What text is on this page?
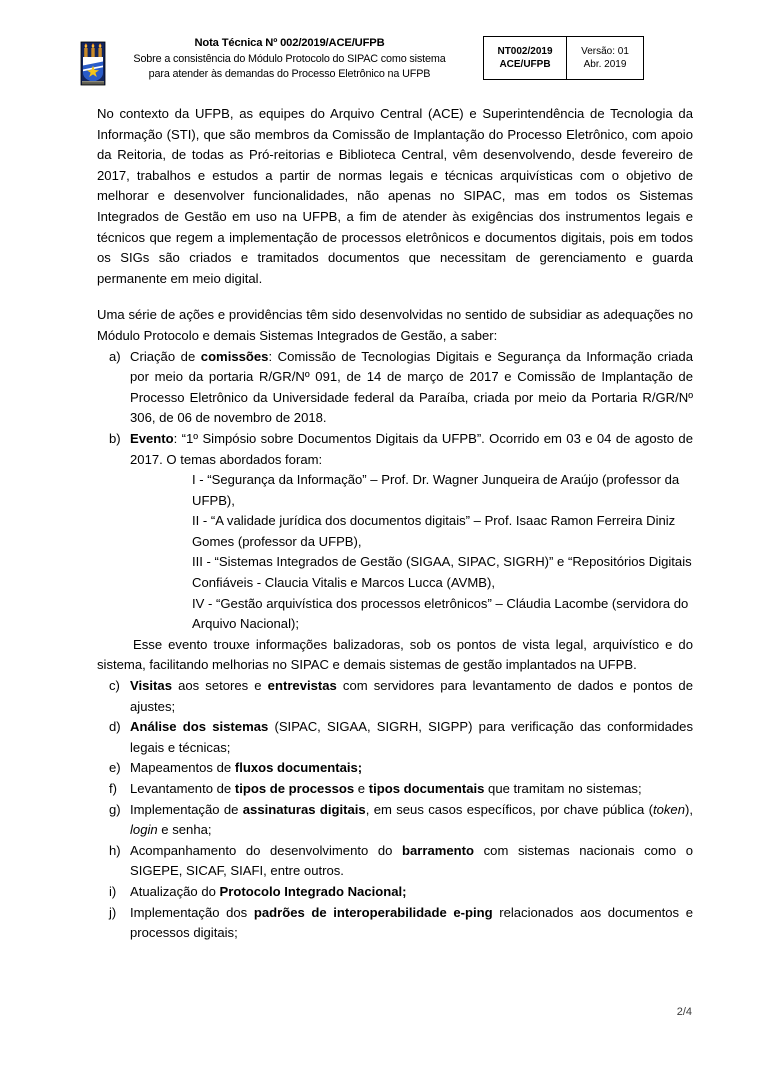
Nota Técnica Nº 002/2019/ACE/UFPB
Sobre a consistência do Módulo Protocolo do SIPAC como sistema
para atender às demandas do Processo Eletrônico na UFPB
NT002/2019
ACE/UFPB
Versão: 01
Abr. 2019

No contexto da UFPB, as equipes do Arquivo Central (ACE) e Superintendência de Tecnologia da Informação (STI), que são membros da Comissão de Implantação do Processo Eletrônico, com apoio da Reitoria, de todas as Pró-reitorias e Biblioteca Central, vêm desenvolvendo, desde fevereiro de 2017, trabalhos e estudos a partir de normas legais e técnicas arquivísticas com o objetivo de melhorar e desenvolver funcionalidades, não apenas no SIPAC, mas em todos os Sistemas Integrados de Gestão em uso na UFPB, a fim de atender às exigências dos instrumentos legais e técnicos que regem a implementação de processos eletrônicos e documentos digitais, pois em todos os SIGs são criados e tramitados documentos que necessitam de gerenciamento e guarda permanente em meio digital.

Uma série de ações e providências têm sido desenvolvidas no sentido de subsidiar as adequações no Módulo Protocolo e demais Sistemas Integrados de Gestão, a saber:

a) Criação de comissões: Comissão de Tecnologias Digitais e Segurança da Informação criada por meio da portaria R/GR/Nº 091, de 14 de março de 2017 e Comissão de Implantação de Processo Eletrônico da Universidade federal da Paraíba, criada por meio da Portaria R/GR/Nº 306, de 06 de novembro de 2018.
b) Evento: “1º Simpósio sobre Documentos Digitais da UFPB”. Ocorrido em 03 e 04 de agosto de 2017. O temas abordados foram:
I - “Segurança da Informação” – Prof. Dr. Wagner Junqueira de Araújo (professor da UFPB),
II - “A validade jurídica dos documentos digitais” – Prof. Isaac Ramon Ferreira Diniz Gomes (professor da UFPB),
III - “Sistemas Integrados de Gestão (SIGAA, SIPAC, SIGRH)” e “Repositórios Digitais Confiáveis - Claucia Vitalis e Marcos Lucca (AVMB),
IV - “Gestão arquivística dos processos eletrônicos” – Cláudia Lacombe (servidora do Arquivo Nacional);

Esse evento trouxe informações balizadoras, sob os pontos de vista legal, arquivístico e do sistema, facilitando melhorias no SIPAC e demais sistemas de gestão implantados na UFPB.

c) Visitas aos setores e entrevistas com servidores para levantamento de dados e pontos de ajustes;
d) Análise dos sistemas (SIPAC, SIGAA, SIGRH, SIGPP) para verificação das conformidades legais e técnicas;
e) Mapeamentos de fluxos documentais;
f) Levantamento de tipos de processos e tipos documentais que tramitam no sistemas;
g) Implementação de assinaturas digitais, em seus casos específicos, por chave pública (token), login e senha;
h) Acompanhamento do desenvolvimento do barramento com sistemas nacionais como o SIGEPE, SICAF, SIAFI, entre outros.
i)	Atualização do Protocolo Integrado Nacional;
j)	Implementação dos padrões de interoperabilidade e-ping relacionados aos documentos e processos digitais;
2/4
